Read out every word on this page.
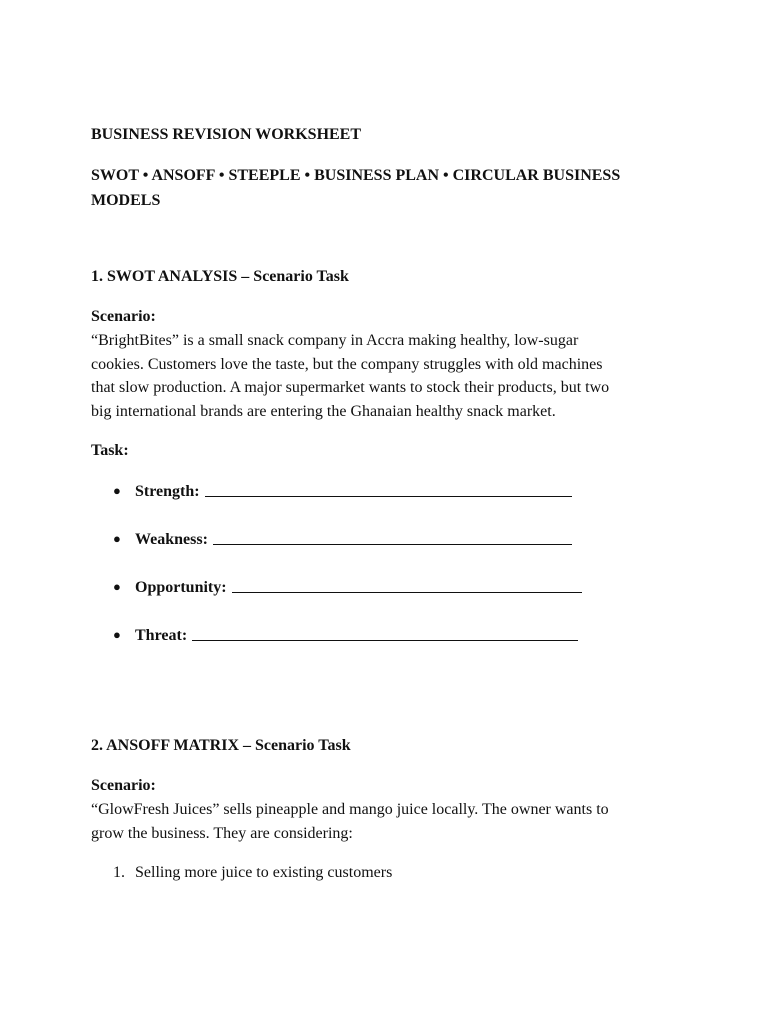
BUSINESS REVISION WORKSHEET
SWOT • ANSOFF • STEEPLE • BUSINESS PLAN • CIRCULAR BUSINESS MODELS
1. SWOT ANALYSIS – Scenario Task
Scenario:
“BrightBites” is a small snack company in Accra making healthy, low-sugar
cookies. Customers love the taste, but the company struggles with old machines
that slow production. A major supermarket wants to stock their products, but two
big international brands are entering the Ghanaian healthy snack market.
Task:
● Strength:
● Weakness:
● Opportunity:
● Threat:
2. ANSOFF MATRIX – Scenario Task
Scenario:
“GlowFresh Juices” sells pineapple and mango juice locally. The owner wants to
grow the business. They are considering:
1. Selling more juice to existing customers
